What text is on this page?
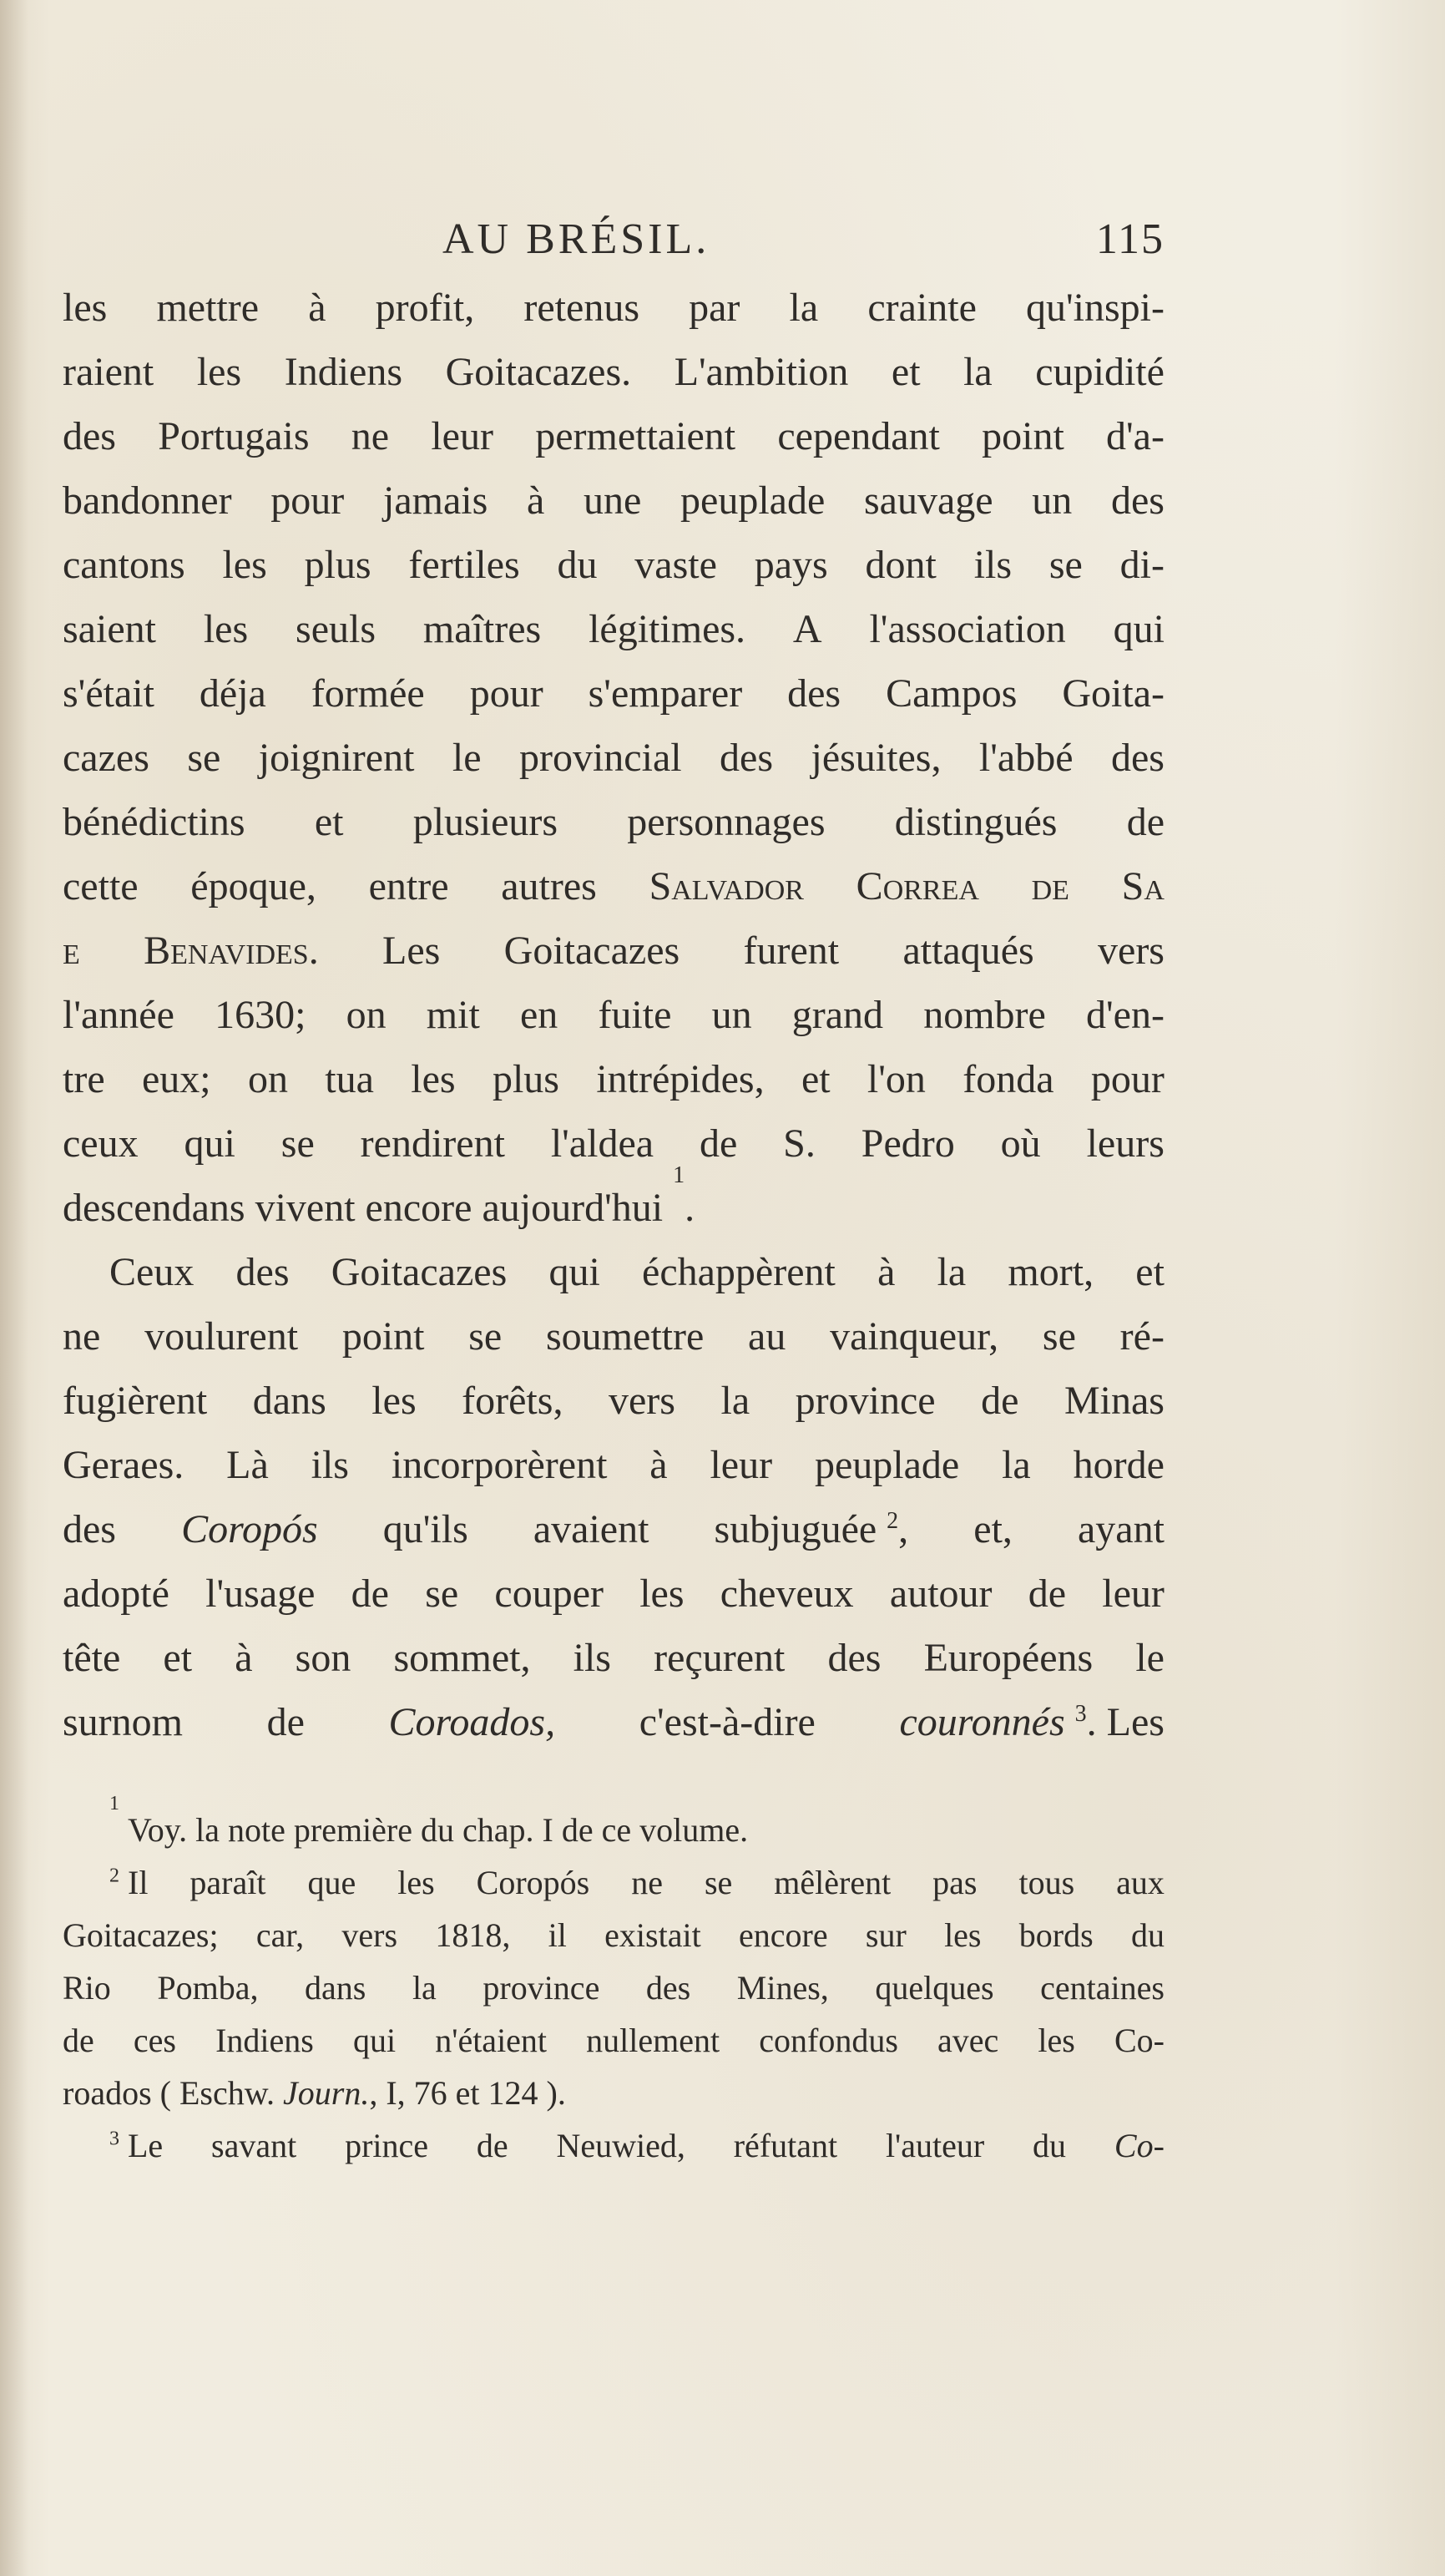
AU BRÉSIL.	115
les mettre à profit, retenus par la crainte qu'inspi-
raient les Indiens Goitacazes. L'ambition et la cupidité
des Portugais ne leur permettaient cependant point d'a-
bandonner pour jamais à une peuplade sauvage un des
cantons les plus fertiles du vaste pays dont ils se di-
saient les seuls maîtres légitimes. A l'association qui
s'était déja formée pour s'emparer des Campos Goita-
cazes se joignirent le provincial des jésuites, l'abbé des
bénédictins et plusieurs personnages distingués de
cette époque, entre autres Salvador Correa de Sa
e Benavides. Les Goitacazes furent attaqués vers
l'année 1630; on mit en fuite un grand nombre d'en-
tre eux; on tua les plus intrépides, et l'on fonda pour
ceux qui se rendirent l'aldea de S. Pedro où leurs
descendans vivent encore aujourd'hui

1
.
Ceux des Goitacazes qui échappèrent à la mort, et
ne voulurent point se soumettre au vainqueur, se ré-
fugièrent dans les forêts, vers la province de Minas
Geraes. Là ils incorporèrent à leur peuplade la horde
des Coropós qu'ils avaient subjuguée $^2$, et, ayant
adopté l'usage de se couper les cheveux autour de leur
tête et à son sommet, ils reçurent des Européens le
surnom de Coroados, c'est-à-dire couronnés $^3$. Les
1

Voy. la note première du chap. I de ce volume.
$^2$ Il paraît que les Coropós ne se mêlèrent pas tous aux
Goitacazes; car, vers 1818, il existait encore sur les bords du
Rio Pomba, dans la province des Mines, quelques centaines
de ces Indiens qui n'étaient nullement confondus avec les Co-
roados ( Eschw.
Journ. , I, 76 et 124 ).
$^3$ Le savant prince de Neuwied, réfutant l'auteur du Co-
